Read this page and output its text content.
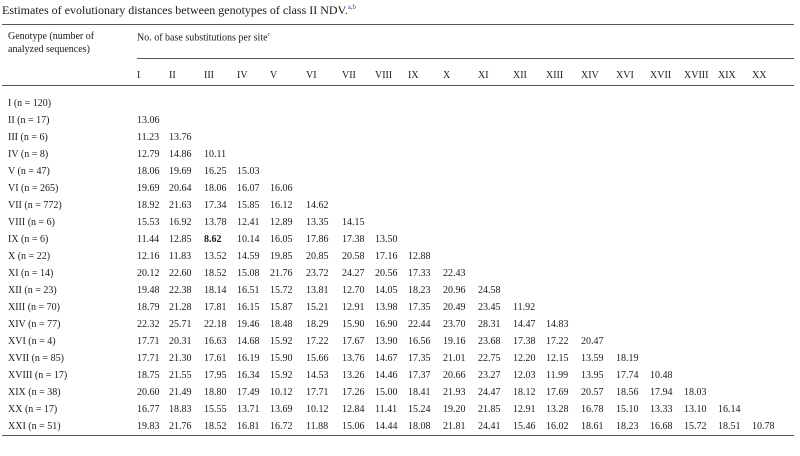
Estimates of evolutionary distances between genotypes of class II NDV.$^{a,b}$
Genotype (number of analyzed sequences)
No. of base substitutions per site$^c$
I	II	III IV V	VI	VII VIII IX X	XI XII XIII XIV XVI XVII XVIII XIX XX
I (n = 120)
II (n = 17)	13.06
III (n = 6)	11.23 13.76
IV (n = 8)	12.79 14.86 10.11
V (n = 47)	18.06 19.69 16.25 15.03
VI (n = 265)	19.69 20.64 18.06 16.07 16.06
VII (n = 772)	18.92 21.63 17.34 15.85 16.12 14.62
VIII (n = 6)	15.53 16.92 13.78 12.41 12.89 13.35 14.15
IX (n = 6)	11.44 12.85 8.62 10.14 16.05 17.86 17.38 13.50
X (n = 22)	12.16 11.83 13.52 14.59 19.85 20.85 20.58 17.16 12.88
XI (n = 14)	20.12 22.60 18.52 15.08 21.76 23.72 24.27 20.56 17.33 22.43
XII (n = 23)	19.48 22.38 18.14 16.51 15.72 13.81 12.70 14.05 18.23 20.96 24.58
XIII (n = 70)	18.79 21.28 17.81 16.15 15.87 15.21 12.91 13.98 17.35 20.49 23.45 11.92
XIV (n = 77)	22.32 25.71 22.18 19.46 18.48 18.29 15.90 16.90 22.44 23.70 28.31 14.47 14.83
XVI (n = 4)	17.71 20.31 16.63 14.68 15.92 17.22 17.67 13.90 16.56 19.16 23.68 17.38 17.22 20.47
XVII (n = 85)	17.71 21.30 17.61 16.19 15.90 15.66 13.76 14.67 17.35 21.01 22.75 12.20 12.15 13.59 18.19
XVIII (n = 17)	18.75 21.55 17.95 16.34 15.92 14.53 13.26 14.46 17.37 20.66 23.27 12.03 11.99 13.95 17.74 10.48
XIX (n = 38)	20.60 21.49 18.80 17.49 10.12 17.71 17.26 15.00 18.41 21.93 24.47 18.12 17.69 20.57 18.56 17.94 18.03
XX (n = 17)	16.77 18.83 15.55 13.71 13.69 10.12 12.84 11.41 15.24 19.20 21.85 12.91 13.28 16.78 15.10 13.33 13.10 16.14
XXI (n = 51)	19.83 21.76 18.52 16.81 16.72 11.88 15.06 14.44 18.08 21.81 24.41 15.46 16.02 18.61 18.23 16.68 15.72 18.51 10.78
